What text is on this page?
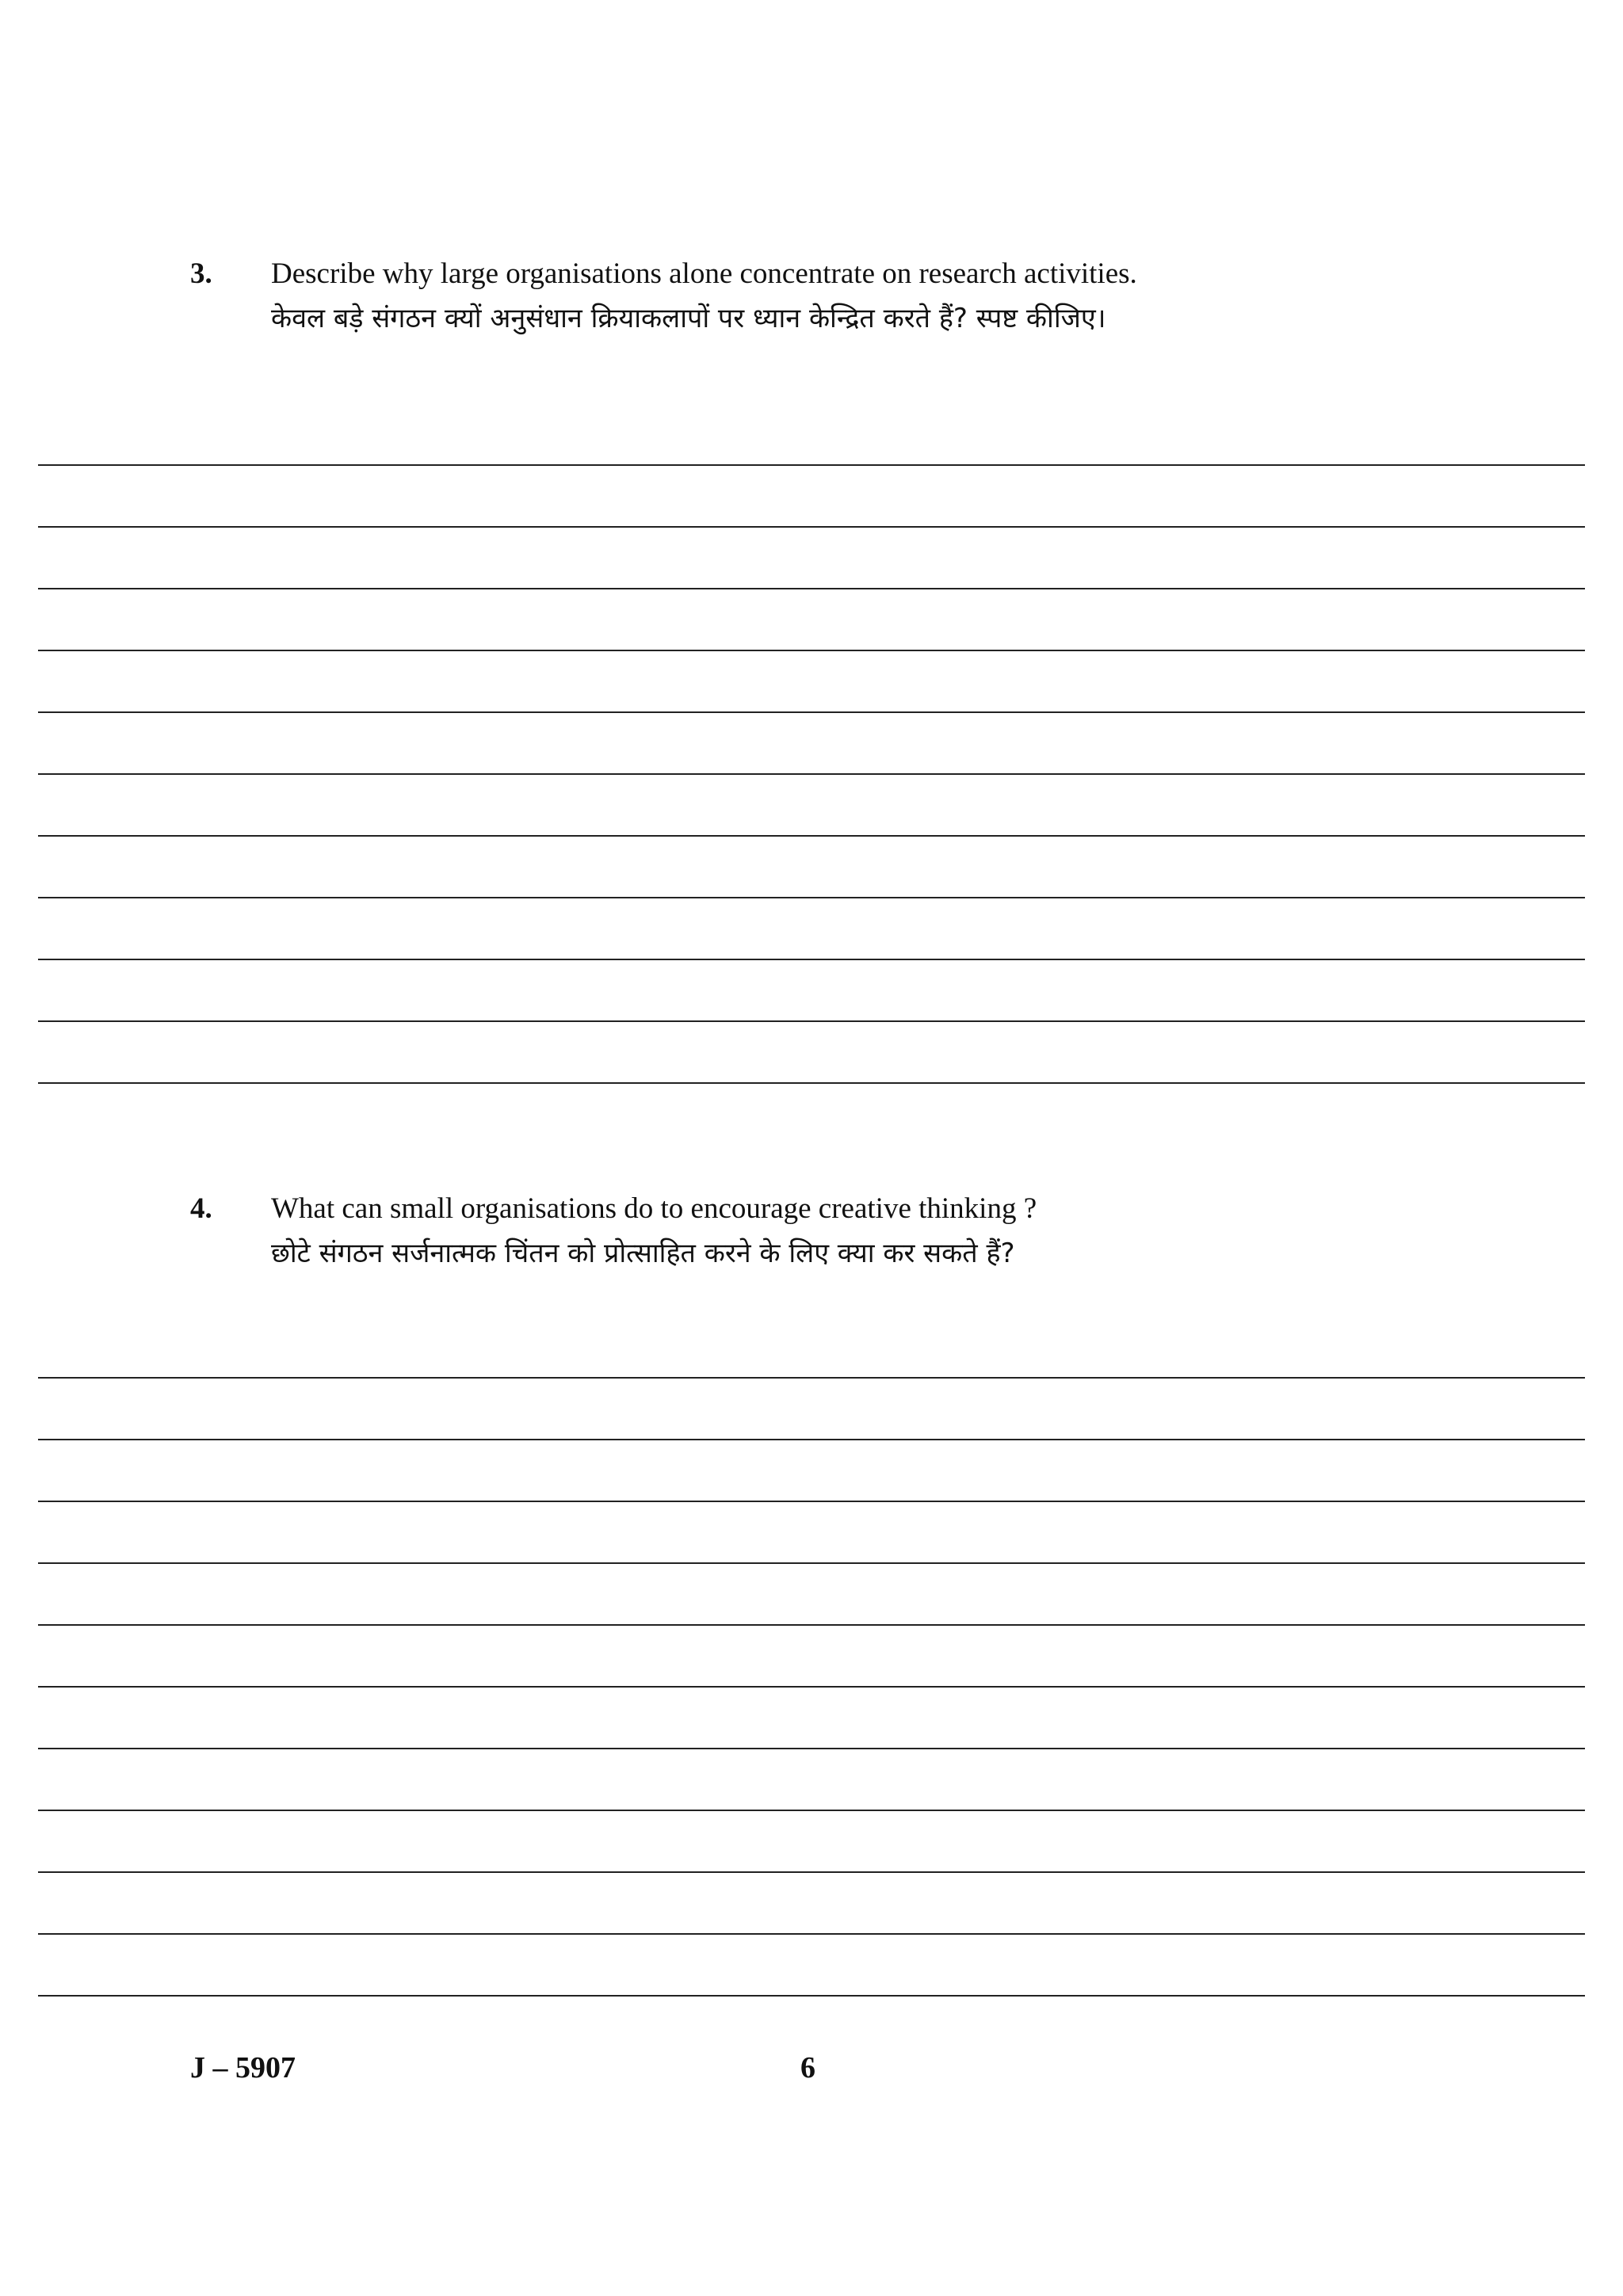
3. Describe why large organisations alone concentrate on research activities.
केवल बड़े संगठन क्यों अनुसंधान क्रियाकलापों पर ध्यान केन्द्रित करते हैं? स्पष्ट कीजिए।
4. What can small organisations do to encourage creative thinking ?
छोटे संगठन सर्जनात्मक चिंतन को प्रोत्साहित करने के लिए क्या कर सकते हैं?
J – 5907	6
